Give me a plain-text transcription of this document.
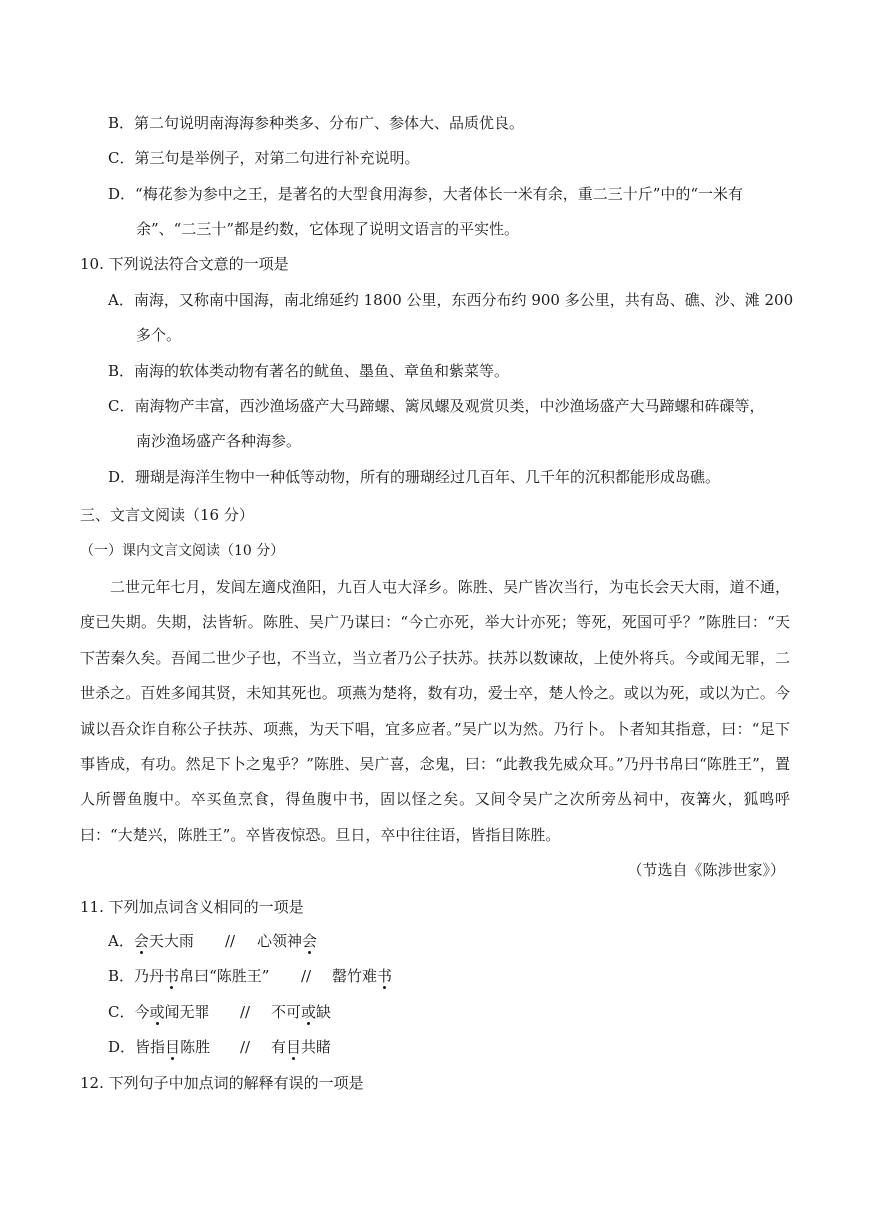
B．第二句说明南海海参种类多、分布广、参体大、品质优良。
C．第三句是举例子，对第二句进行补充说明。
D．“梅花参为参中之王，是著名的大型食用海参，大者体长一米有余，重二三十斤”中的“一米有
余”、“二三十”都是约数，它体现了说明文语言的平实性。
10. 下列说法符合文意的一项是
A．南海，又称南中国海，南北绵延约 1800 公里，东西分布约 900 多公里，共有岛、礁、沙、滩 200
多个。
B．南海的软体类动物有著名的鱿鱼、墨鱼、章鱼和紫菜等。
C．南海物产丰富，西沙渔场盛产大马蹄螺、篱凤螺及观赏贝类，中沙渔场盛产大马蹄螺和砗磲等，
南沙渔场盛产各种海参。
D．珊瑚是海洋生物中一种低等动物，所有的珊瑚经过几百年、几千年的沉积都能形成岛礁。
三、文言文阅读（16 分）
（一）课内文言文阅读（10 分）
二世元年七月，发闾左適戍渔阳，九百人屯大泽乡。陈胜、吴广皆次当行，为屯长会天大雨，道不通，度已失期。失期，法皆斩。陈胜、吴广乃谋曰：“今亡亦死，举大计亦死；等死，死国可乎？”陈胜曰：“天下苦秦久矣。吾闻二世少子也，不当立，当立者乃公子扶苏。扶苏以数谏故，上使外将兵。今或闻无罪，二世杀之。百姓多闻其贤，未知其死也。项燕为楚将，数有功，爱士卒，楚人怜之。或以为死，或以为亡。今诚以吾众诈自称公子扶苏、项燕，为天下唱，宜多应者。”吴广以为然。乃行卜。卜者知其指意，曰：“足下事皆成，有功。然足下卜之鬼乎？”陈胜、吴广喜，念鬼，曰：“此教我先威众耳。”乃丹书帛曰“陈胜王”，置人所罾鱼腹中。卒买鱼烹食，得鱼腹中书，固以怪之矣。又间令吴广之次所旁丛祠中，夜篝火，狐鸣呼曰：“大楚兴，陈胜王”。卒皆夜惊恐。旦日，卒中往往语，皆指目陈胜。
（节选自《陈涉世家》）
11. 下列加点词含义相同的一项是
A．会天大雨 // 心领神会
B．乃丹书帛曰“陈胜王” // 罄竹难书
C．今或闻无罪 // 不可或缺
D．皆指目陈胜 // 有目共睹
12. 下列句子中加点词的解释有误的一项是
